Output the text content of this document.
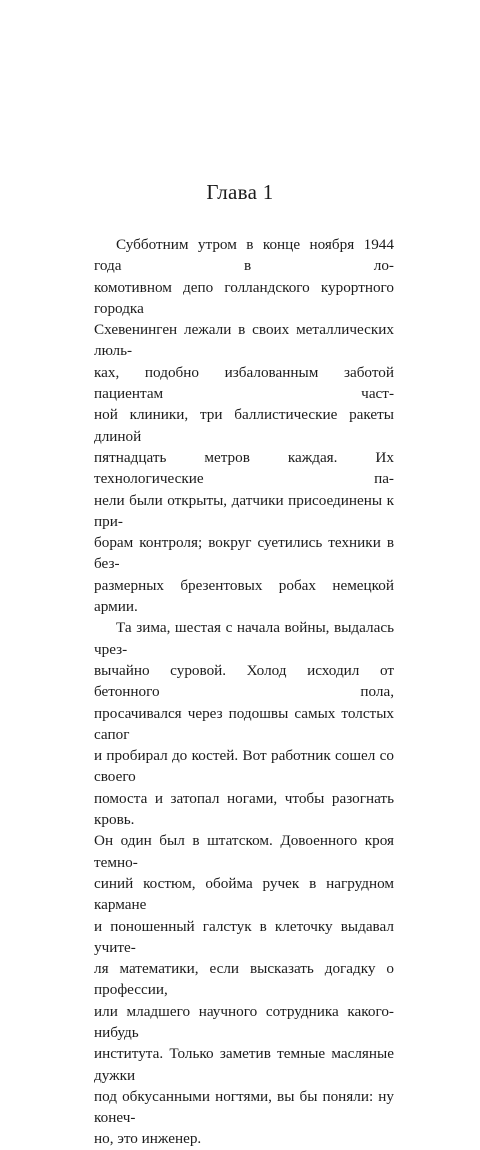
Глава 1
Субботним утром в конце ноября 1944 года в ло-
комотивном депо голландского курортного городка
Схевенинген лежали в своих металлических люль-
ках, подобно избалованным заботой пациентам част-
ной клиники, три баллистические ракеты длиной
пятнадцать метров каждая. Их технологические па-
нели были открыты, датчики присоединены к при-
борам контроля; вокруг суетились техники в без-
размерных брезентовых робах немецкой армии.
Та зима, шестая с начала войны, выдалась чрез-
вычайно суровой. Холод исходил от бетонного пола,
просачивался через подошвы самых толстых сапог
и пробирал до костей. Вот работник сошел со своего
помоста и затопал ногами, чтобы разогнать кровь.
Он один был в штатском. Довоенного кроя темно-
синий костюм, обойма ручек в нагрудном кармане
и поношенный галстук в клеточку выдавал учите-
ля математики, если высказать догадку о профессии,
или младшего научного сотрудника какого-нибудь
института. Только заметив темные масляные дужки
под обкусанными ногтями, вы бы поняли: ну конеч-
но, это инженер.
